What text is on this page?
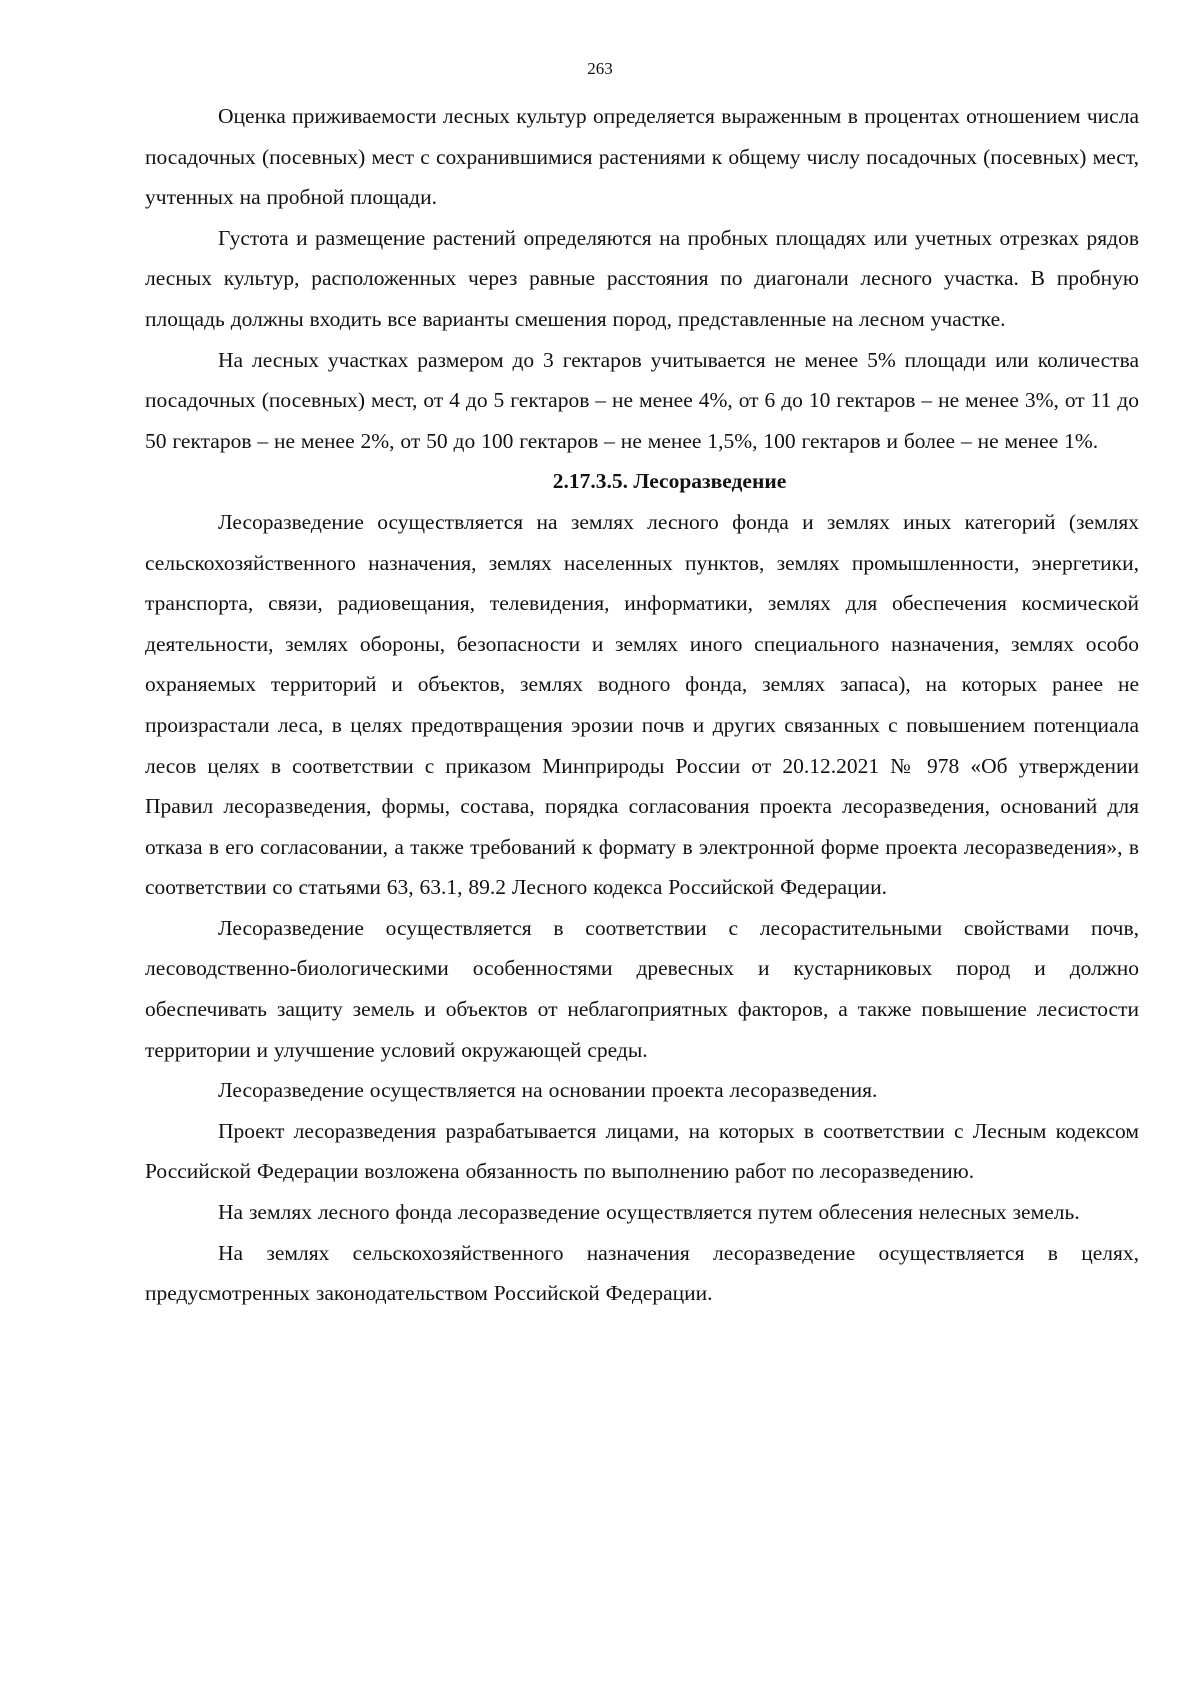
263

Оценка приживаемости лесных культур определяется выраженным в процентах отношением числа посадочных (посевных) мест с сохранившимися растениями к общему числу посадочных (посевных) мест, учтенных на пробной площади.

Густота и размещение растений определяются на пробных площадях или учетных отрезках рядов лесных культур, расположенных через равные расстояния по диагонали лесного участка. В пробную площадь должны входить все варианты смешения пород, представленные на лесном участке.

На лесных участках размером до 3 гектаров учитывается не менее 5% площади или количества посадочных (посевных) мест, от 4 до 5 гектаров – не менее 4%, от 6 до 10 гектаров – не менее 3%, от 11 до 50 гектаров – не менее 2%, от 50 до 100 гектаров – не менее 1,5%, 100 гектаров и более – не менее 1%.

2.17.3.5. Лесоразведение

Лесоразведение осуществляется на землях лесного фонда и землях иных категорий (землях сельскохозяйственного назначения, землях населенных пунктов, землях промышленности, энергетики, транспорта, связи, радиовещания, телевидения, информатики, землях для обеспечения космической деятельности, землях обороны, безопасности и землях иного специального назначения, землях особо охраняемых территорий и объектов, землях водного фонда, землях запаса), на которых ранее не произрастали леса, в целях предотвращения эрозии почв и других связанных с повышением потенциала лесов целях в соответствии с приказом Минприроды России от 20.12.2021 № 978 «Об утверждении Правил лесоразведения, формы, состава, порядка согласования проекта лесоразведения, оснований для отказа в его согласовании, а также требований к формату в электронной форме проекта лесоразведения», в соответствии со статьями 63, 63.1, 89.2 Лесного кодекса Российской Федерации.

Лесоразведение осуществляется в соответствии с лесорастительными свойствами почв, лесоводственно-биологическими особенностями древесных и кустарниковых пород и должно обеспечивать защиту земель и объектов от неблагоприятных факторов, а также повышение лесистости территории и улучшение условий окружающей среды.

Лесоразведение осуществляется на основании проекта лесоразведения.

Проект лесоразведения разрабатывается лицами, на которых в соответствии с Лесным кодексом Российской Федерации возложена обязанность по выполнению работ по лесоразведению.

На землях лесного фонда лесоразведение осуществляется путем облесения нелесных земель.

На землях сельскохозяйственного назначения лесоразведение осуществляется в целях, предусмотренных законодательством Российской Федерации.
